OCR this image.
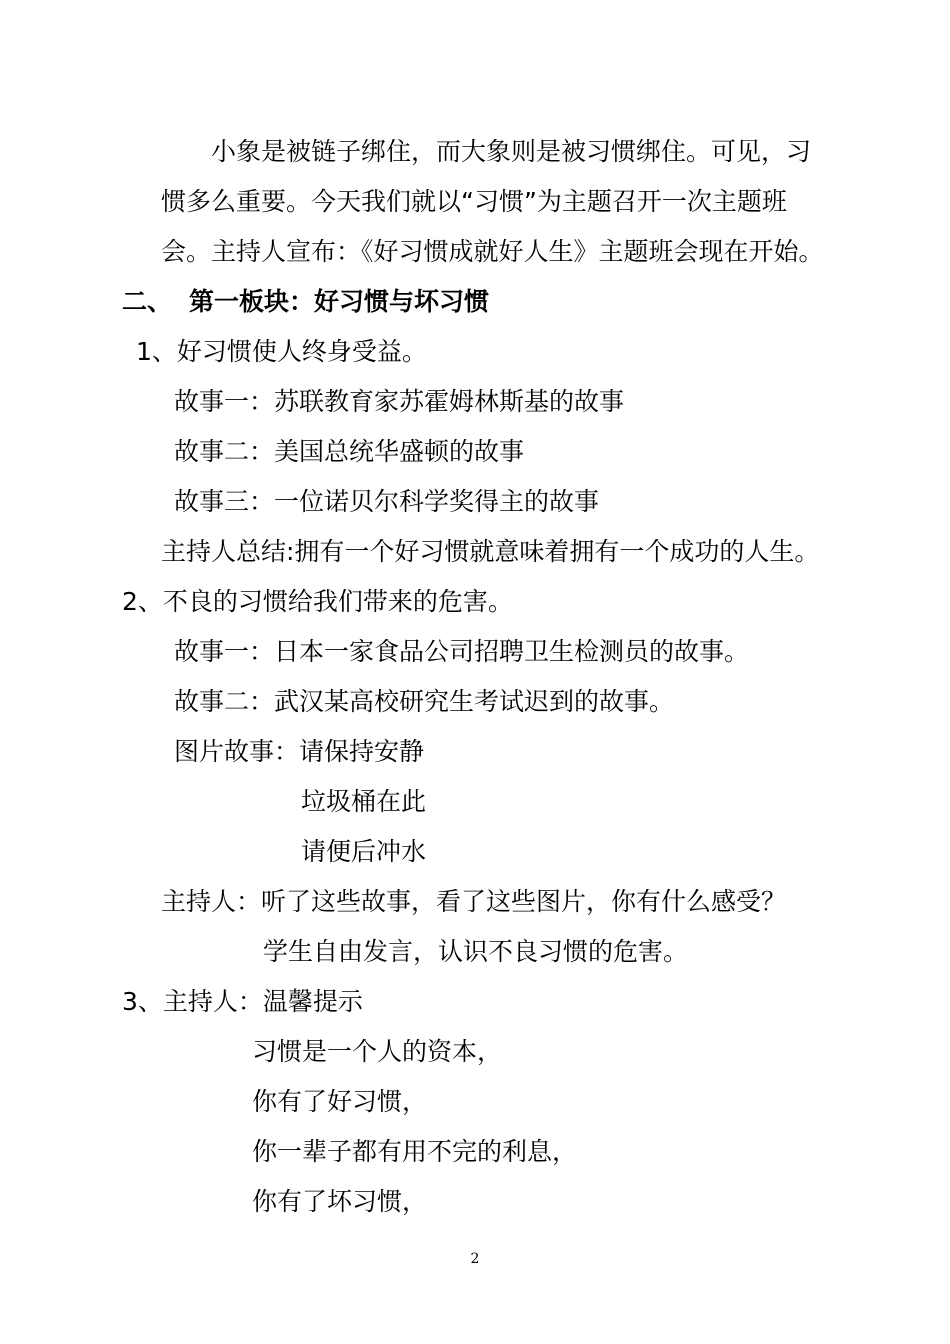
小象是被链子绑住，而大象则是被习惯绑住。可见，习
惯多么重要。今天我们就以“习惯”为主题召开一次主题班
会。主持人宣布：《好习惯成就好人生》主题班会现在开始。
二、 第一板块：好习惯与坏习惯
1、好习惯使人终身受益。
故事一：苏联教育家苏霍姆林斯基的故事
故事二：美国总统华盛顿的故事
故事三：一位诺贝尔科学奖得主的故事
主持人总结:拥有一个好习惯就意味着拥有一个成功的人生。
2、不良的习惯给我们带来的危害。
故事一：日本一家食品公司招聘卫生检测员的故事。
故事二：武汉某高校研究生考试迟到的故事。
图片故事：请保持安静
垃圾桶在此
请便后冲水
主持人：听了这些故事，看了这些图片，你有什么感受？
学生自由发言，认识不良习惯的危害。
3、主持人：温馨提示
习惯是一个人的资本，
你有了好习惯，
你一辈子都有用不完的利息，
你有了坏习惯，
2
